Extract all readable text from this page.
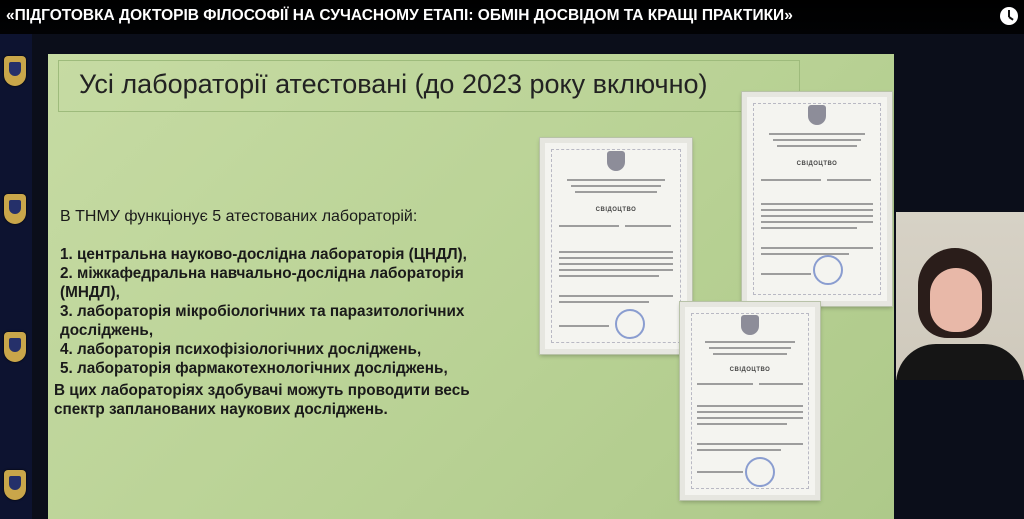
«ПІДГОТОВКА ДОКТОРІВ ФІЛОСОФІЇ НА СУЧАСНОМУ ЕТАПІ: ОБМІН ДОСВІДОМ ТА КРАЩІ ПРАКТИКИ»
Усі лабораторії атестовані (до 2023 року включно)
В ТНМУ функціонує 5 атестованих лабораторій:
1. центральна науково-дослідна лабораторія (ЦНДЛ),
2. міжкафедральна навчально-дослідна лабораторія (МНДЛ),
3. лабораторія мікробіологічних та паразитологічних досліджень,
4. лабораторія психофізіологічних досліджень,
5. лабораторія фармакотехнологічних досліджень,
В цих лабораторіях здобувачі можуть проводити весь спектр запланованих наукових досліджень.
СВІДОЦТВО
СВІДОЦТВО
СВІДОЦТВО
